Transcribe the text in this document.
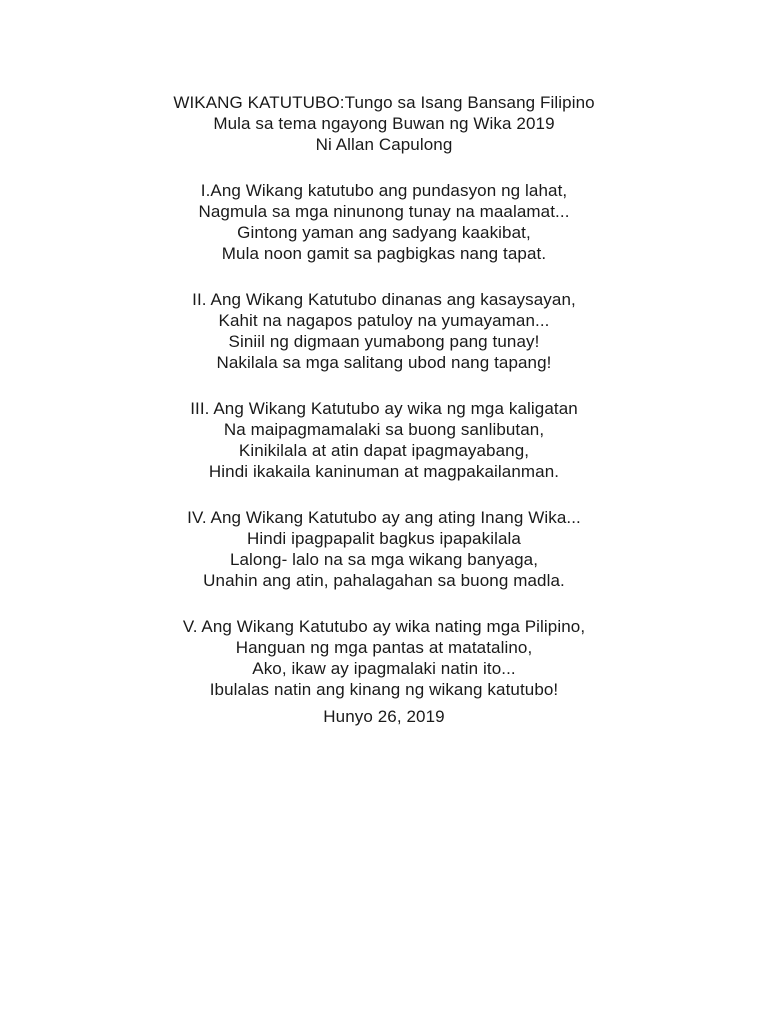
WIKANG KATUTUBO:Tungo sa Isang Bansang Filipino
Mula sa tema ngayong Buwan ng Wika 2019
Ni Allan Capulong
I.Ang Wikang katutubo ang pundasyon ng lahat,
Nagmula sa mga ninunong tunay na maalamat...
Gintong yaman ang sadyang kaakibat,
Mula noon gamit sa pagbigkas nang tapat.
II. Ang Wikang Katutubo dinanas ang kasaysayan,
Kahit na nagapos patuloy na yumayaman...
Siniil ng digmaan yumabong pang tunay!
Nakilala sa mga salitang ubod nang tapang!
III. Ang Wikang Katutubo ay wika ng mga kaligatan
Na maipagmamalaki sa buong sanlibutan,
Kinikilala at atin dapat ipagmayabang,
Hindi ikakaila kaninuman at magpakailanman.
IV. Ang Wikang Katutubo ay ang ating Inang Wika...
Hindi ipagpapalit bagkus ipapakilala
Lalong- lalo na sa mga wikang banyaga,
Unahin ang atin, pahalagahan sa buong madla.
V. Ang Wikang Katutubo ay wika nating mga Pilipino,
Hanguan ng mga pantas at matatalino,
Ako, ikaw ay ipagmalaki natin ito...
Ibulalas natin ang kinang ng wikang katutubo!
Hunyo 26, 2019
